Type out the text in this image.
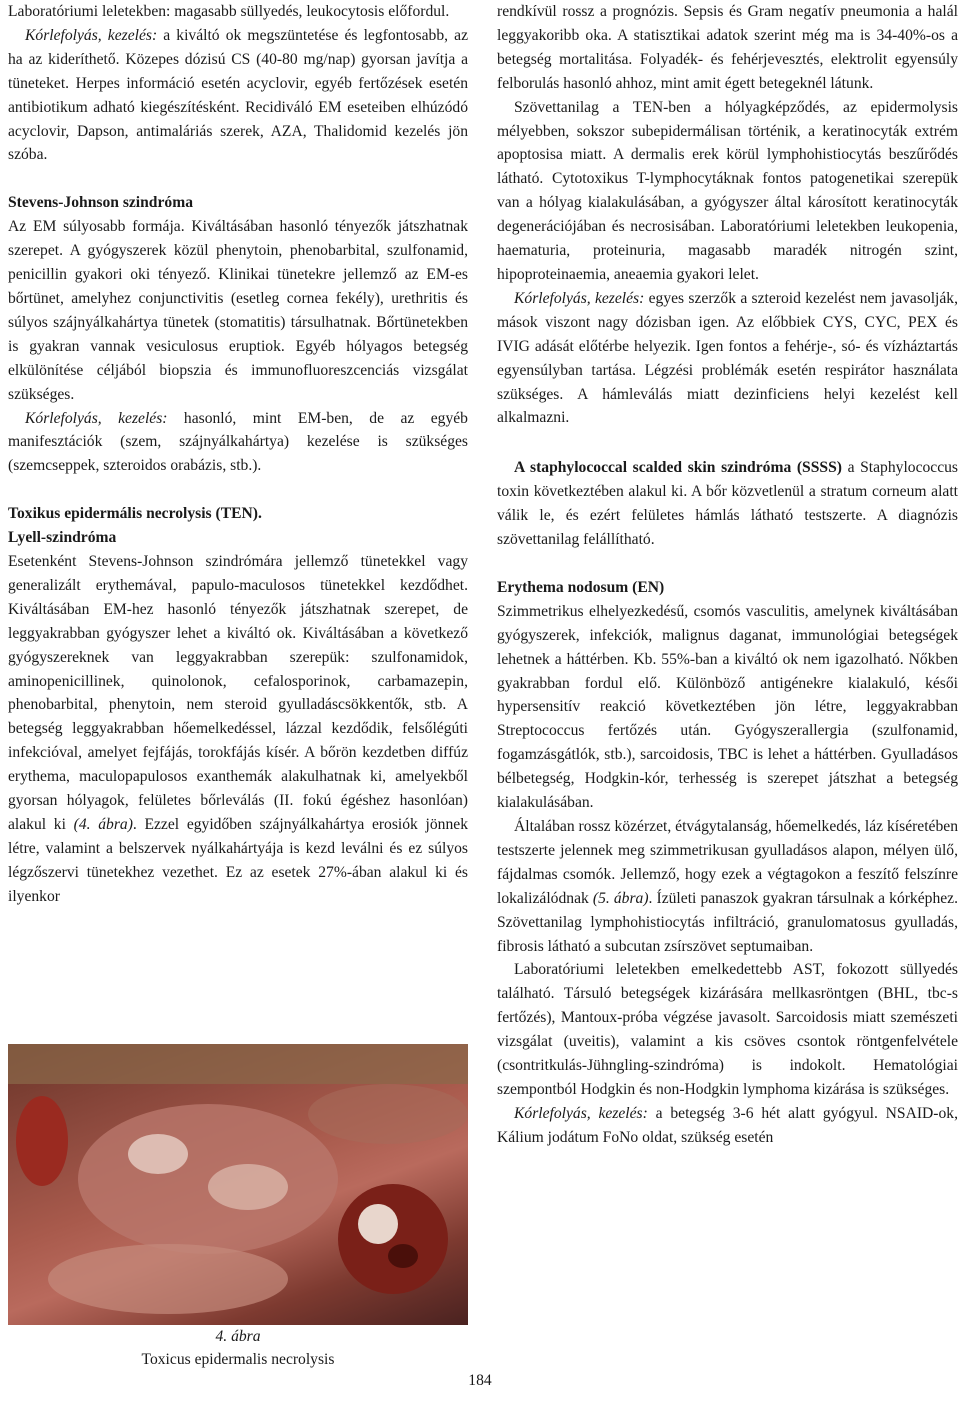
Laboratóriumi leletekben: magasabb süllyedés, leukocytosis előfordul.

Kórlefolyás, kezelés: a kiváltó ok megszüntetése és legfontosabb, az ha az kideríthető. Közepes dózisú CS (40-80 mg/nap) gyorsan javítja a tüneteket. Herpes információ esetén acyclovir, egyéb fertőzések esetén antibiotikum adható kiegészítésként. Recidiváló EM eseteiben elhúzódó acyclovir, Dapson, antimaláriás szerek, AZA, Thalidomid kezelés jön szóba.

Stevens-Johnson szindróma

Az EM súlyosabb formája. Kiváltásában hasonló tényezők játszhatnak szerepet. A gyógyszerek közül phenytoin, phenobarbital, szulfonamid, penicillin gyakori oki tényező. Klinikai tünetekre jellemző az EM-es bőrtünet, amelyhez conjunctivitis (esetleg cornea fekély), urethritis és súlyos szájnyálkahártya tünetek (stomatitis) társulhatnak. Bőrtünetekben is gyakran vannak vesiculosus eruptiok. Egyéb hólyagos betegség elkülönítése céljából biopszia és immunofluoreszcenciás vizsgálat szükséges.

Kórlefolyás, kezelés: hasonló, mint EM-ben, de az egyéb manifesztációk (szem, szájnyálkahártya) kezelése is szükséges (szemcseppek, szteroidos orabázis, stb.).

Toxikus epidermális necrolysis (TEN).

Lyell-szindróma

Esetenként Stevens-Johnson szindrómára jellemző tünetekkel vagy generalizált erythemával, papulo-maculosos tünetekkel kezdődhet. Kiváltásában EM-hez hasonló tényezők játszhatnak szerepet, de leggyakrabban gyógyszer lehet a kiváltó ok. Kiváltásában a következő gyógyszereknek van leggyakrabban szerepük: szulfonamidok, aminopenicillinek, quinolonok, cefalosporinok, carbamazepin, phenobarbital, phenytoin, nem steroid gyulladáscsökkentők, stb. A betegség leggyakrabban hőemelkedéssel, lázzal kezdődik, felsőlégúti infekcióval, amelyet fejfájás, torokfájás kísér. A bőrön kezdetben diffúz erythema, maculopapulosos exanthemák alakulhatnak ki, amelyekből gyorsan hólyagok, felületes bőrleválás (II. fokú égéshez hasonlóan) alakul ki (4. ábra). Ezzel egyidőben szájnyálkahártya erosiók jönnek létre, valamint a belszervek nyálkahártyája is kezd leválni és ez súlyos légzőszervi tünetekhez vezethet. Ez az esetek 27%-ában alakul ki és ilyenkor

4. ábra
Toxicus epidermalis necrolysis

rendkívül rossz a prognózis. Sepsis és Gram negatív pneumonia a halál leggyakoribb oka. A statisztikai adatok szerint még ma is 34-40%-os a betegség mortalitása. Folyadék- és fehérjevesztés, elektrolit egyensúly felborulás hasonló ahhoz, mint amit égett betegeknél látunk.

Szövettanilag a TEN-ben a hólyagképződés, az epidermolysis mélyebben, sokszor subepidermálisan történik, a keratinocyták extrém apoptosisa miatt. A dermalis erek körül lymphohistiocytás beszűrődés látható. Cytotoxikus T-lymphocytáknak fontos patogenetikai szerepük van a hólyag kialakulásában, a gyógyszer által károsított keratinocyták degenerációjában és necrosisában. Laboratóriumi leletekben leukopenia, haematuria, proteinuria, magasabb maradék nitrogén szint, hipoproteinaemia, aneaemia gyakori lelet.

Kórlefolyás, kezelés: egyes szerzők a szteroid kezelést nem javasolják, mások viszont nagy dózisban igen. Az előbbiek CYS, CYC, PEX és IVIG adását előtérbe helyezik. Igen fontos a fehérje-, só- és vízháztartás egyensúlyban tartása. Légzési problémák esetén respirátor használata szükséges. A hámleválás miatt dezinficiens helyi kezelést kell alkalmazni.

A staphylococcal scalded skin szindróma (SSSS) a Staphylococcus toxin következtében alakul ki. A bőr közvetlenül a stratum corneum alatt válik le, és ezért felületes hámlás látható testszerte. A diagnózis szövettanilag felállítható.

Erythema nodosum (EN)

Szimmetrikus elhelyezkedésű, csomós vasculitis, amelynek kiváltásában gyógyszerek, infekciók, malignus daganat, immunológiai betegségek lehetnek a háttérben. Kb. 55%-ban a kiváltó ok nem igazolható. Nőkben gyakrabban fordul elő. Különböző antigénekre kialakuló, késői hypersensitív reakció következtében jön létre, leggyakrabban Streptococcus fertőzés után. Gyógyszerallergia (szulfonamid, fogamzásgátlók, stb.), sarcoidosis, TBC is lehet a háttérben. Gyulladásos bélbetegség, Hodgkin-kór, terhesség is szerepet játszhat a betegség kialakulásában.

Általában rossz közérzet, étvágytalanság, hőemelkedés, láz kíséretében testszerte jelennek meg szimmetrikusan gyulladásos alapon, mélyen ülő, fájdalmas csomók. Jellemző, hogy ezek a végtagokon a feszítő felszínre lokalizálódnak (5. ábra). Ízületi panaszok gyakran társulnak a kórképhez. Szövettanilag lymphohistiocytás infiltráció, granulomatosus gyulladás, fibrosis látható a subcutan zsírszövet septumaiban.

Laboratóriumi leletekben emelkedettebb AST, fokozott süllyedés található. Társuló betegségek kizárására mellkasröntgen (BHL, tbc-s fertőzés), Mantoux-próba végzése javasolt. Sarcoidosis miatt szemészeti vizsgálat (uveitis), valamint a kis csöves csontok röntgenfelvétele (csontritkulás-Jühngling-szindróma) is indokolt. Hematológiai szempontból Hodgkin és non-Hodgkin lymphoma kizárása is szükséges.

Kórlefolyás, kezelés: a betegség 3-6 hét alatt gyógyul. NSAID-ok, Kálium jodátum FoNo oldat, szükség esetén

184
